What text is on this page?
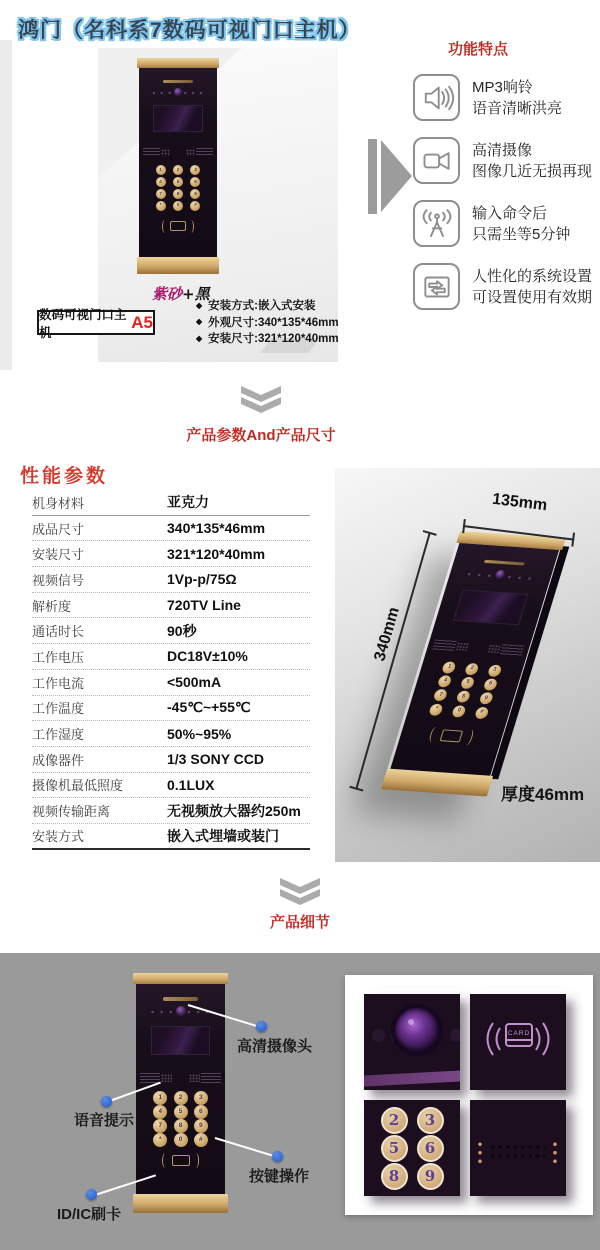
鸿门（名科系7数码可视门口主机）
1	2	3
4	5	6
7	8	9
*	0	#
紫砂+黑
◆ 安装方式:嵌入式安装
◆ 外观尺寸:340*135*46mm
◆ 安装尺寸:321*120*40mm
数码可视门口主机
A5
功能特点
MP3响铃
语音清晰洪亮
高清摄像
图像几近无损再现
输入命令后
只需坐等5分钟
人性化的系统设置
可设置使用有效期
产品参数And产品尺寸
性能参数
机身材料	亚克力
成品尺寸	340*135*46mm
安装尺寸	321*120*40mm
视频信号	1Vp-p/75Ω
解析度	720TV Line
通话时长	90秒
工作电压	DC18V±10%
工作电流	<500mA
工作温度	-45℃~+55℃
工作湿度	50%~95%
成像器件	1/3 SONY CCD
摄像机最低照度	0.1LUX
视频传输距离	无视频放大器约250m
安装方式	嵌入式埋墙或装门
1	2	3
4	5	6
7	8	9
*	0	#
135mm
340mm
厚度46mm
产品细节
1	2	3
4	5	6
7	8	9
*	0	#
高清摄像头
语音提示
按键操作
ID/IC刷卡
CARD
2	3
5	6
8	9
